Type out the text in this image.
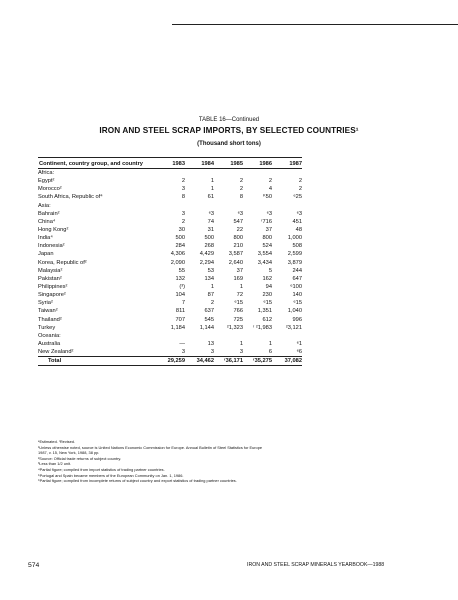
TABLE 16—Continued
IRON AND STEEL SCRAP IMPORTS, BY SELECTED COUNTRIES¹
(Thousand short tons)
Continent, country group, and country	1983	1984	1985	1986	1987
Africa:					
Egypt²	2	1	2	2	2
Morocco²	3	1	2	4	2
South Africa, Republic of⁴	8	61	8	ᴷ50	ᵉ25
Asia:					
Bahrain²	3	ᵉ3	ᵉ3	ᵉ3	ᵉ3
China⁴	2	74	547	ʳ716	451
Hong Kong²	30	31	22	37	48
India⁴	500	500	800	800	1,000
Indonesia²	284	268	210	524	508
Japan	4,306	4,429	3,587	3,554	2,599
Korea, Republic of²	2,090	2,294	2,640	3,434	3,879
Malaysia²	55	53	37	5	244
Pakistan²	132	134	169	162	647
Philippines²	(³)	1	1	94	ᵉ100
Singapore²	104	87	72	230	140
Syria²	7	2	ᵉ15	ᵉ15	ᵉ15
Taiwan²	811	637	766	1,351	1,040
Thailand²	707	545	725	612	996
Turkey	1,184	1,144	²1,323	ʳ ²1,983	²3,121
Oceania:					
Australia	—	13	1	1	ᵉ1
New Zealand²	3	3	3	6	ᵉ6
Total	29,259	34,462	ʳ36,171	ʳ35,275	37,082
ᵉEstimated. ʳRevised.
¹Unless otherwise noted, source is United Nations Economic Commission for Europe. Annual Bulletin of Steel Statistics for Europe
1987, v. 15, New York, 1988, 38 pp.
²Source: Official trade returns of subject country.
³Less than 1/2 unit.
⁴Partial figure; compiled from import statistics of trading partner countries.
⁵Portugal and Spain became members of the European Community on Jan. 1, 1986.
⁶Partial figure; compiled from incomplete returns of subject country and export statistics of trading partner countries.
574	IRON AND STEEL SCRAP MINERALS YEARBOOK—1988
